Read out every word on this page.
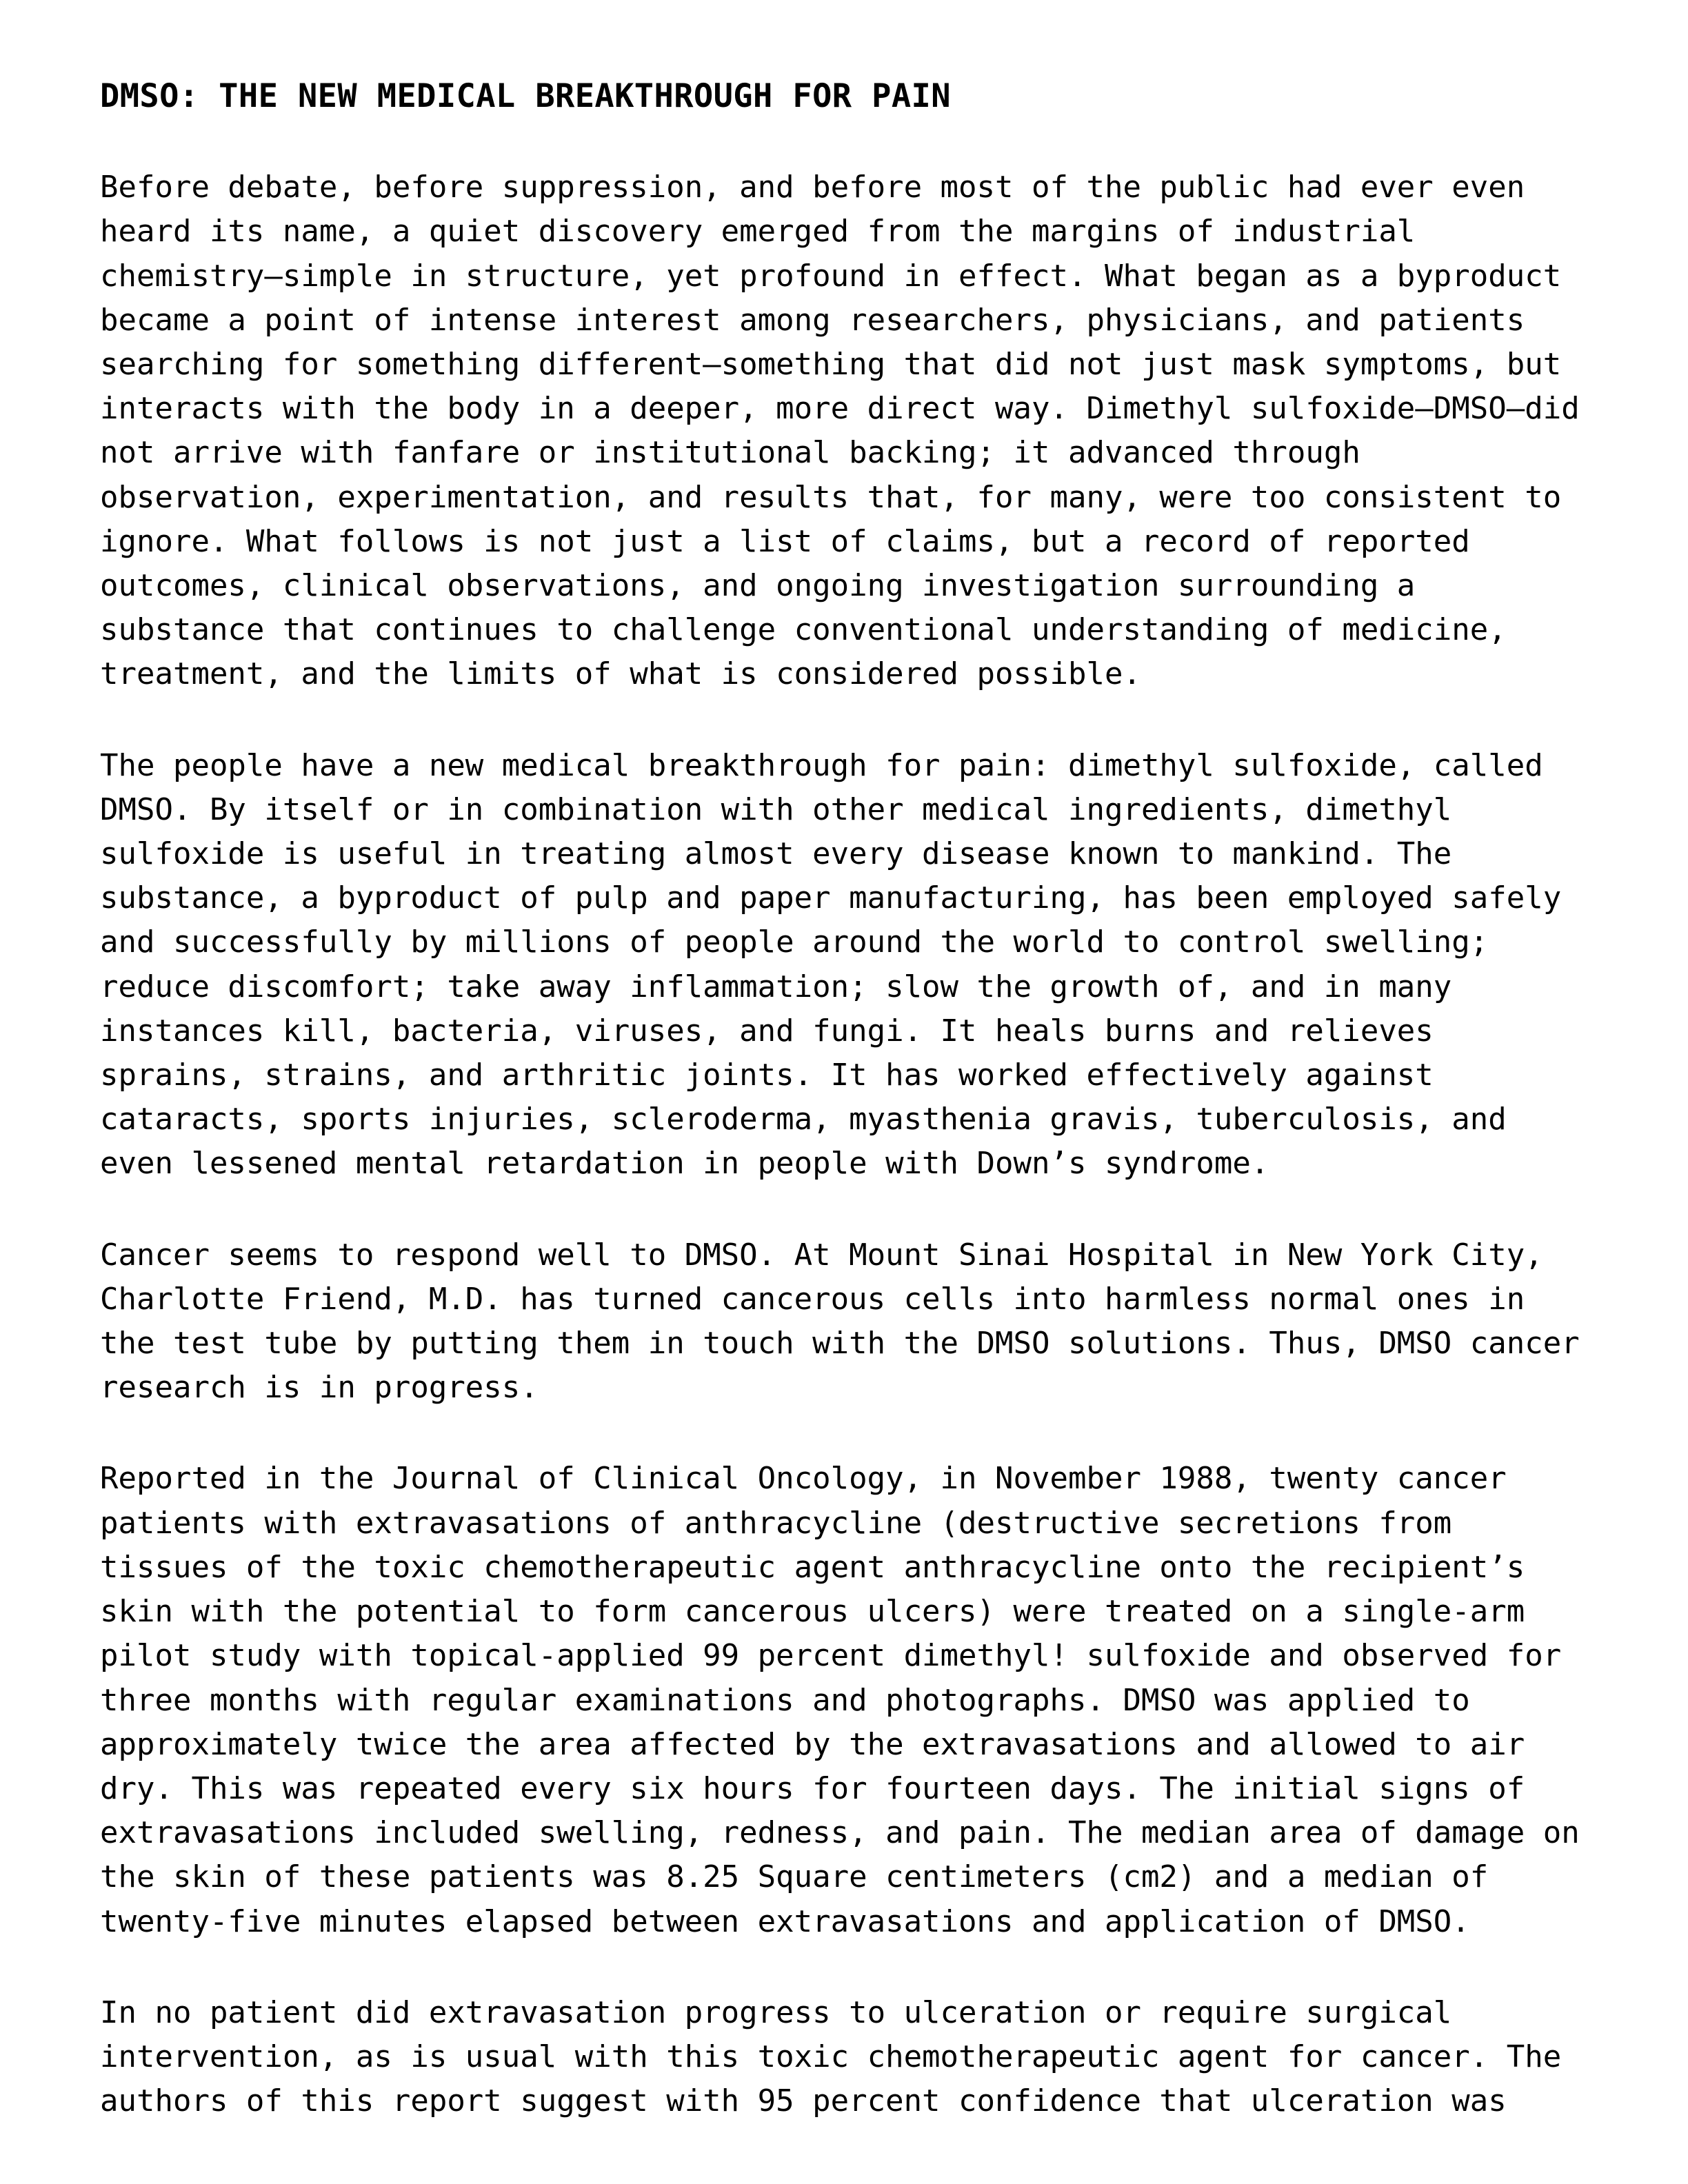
DMSO: THE NEW MEDICAL BREAKTHROUGH FOR PAIN
Before debate, before suppression, and before most of the public had ever even
heard its name, a quiet discovery emerged from the margins of industrial
chemistry—simple in structure, yet profound in effect. What began as a byproduct
became a point of intense interest among researchers, physicians, and patients
searching for something different—something that did not just mask symptoms, but
interacts with the body in a deeper, more direct way. Dimethyl sulfoxide—DMSO—did
not arrive with fanfare or institutional backing; it advanced through
observation, experimentation, and results that, for many, were too consistent to
ignore. What follows is not just a list of claims, but a record of reported
outcomes, clinical observations, and ongoing investigation surrounding a
substance that continues to challenge conventional understanding of medicine,
treatment, and the limits of what is considered possible.
The people have a new medical breakthrough for pain: dimethyl sulfoxide, called
DMSO. By itself or in combination with other medical ingredients, dimethyl
sulfoxide is useful in treating almost every disease known to mankind. The
substance, a byproduct of pulp and paper manufacturing, has been employed safely
and successfully by millions of people around the world to control swelling;
reduce discomfort; take away inflammation; slow the growth of, and in many
instances kill, bacteria, viruses, and fungi. It heals burns and relieves
sprains, strains, and arthritic joints. It has worked effectively against
cataracts, sports injuries, scleroderma, myasthenia gravis, tuberculosis, and
even lessened mental retardation in people with Down’s syndrome.
Cancer seems to respond well to DMSO. At Mount Sinai Hospital in New York City,
Charlotte Friend, M.D. has turned cancerous cells into harmless normal ones in
the test tube by putting them in touch with the DMSO solutions. Thus, DMSO cancer
research is in progress.
Reported in the Journal of Clinical Oncology, in November 1988, twenty cancer
patients with extravasations of anthracycline (destructive secretions from
tissues of the toxic chemotherapeutic agent anthracycline onto the recipient’s
skin with the potential to form cancerous ulcers) were treated on a single-arm
pilot study with topical-applied 99 percent dimethyl! sulfoxide and observed for
three months with regular examinations and photographs. DMSO was applied to
approximately twice the area affected by the extravasations and allowed to air
dry. This was repeated every six hours for fourteen days. The initial signs of
extravasations included swelling, redness, and pain. The median area of damage on
the skin of these patients was 8.25 Square centimeters (cm2) and a median of
twenty-five minutes elapsed between extravasations and application of DMSO.
In no patient did extravasation progress to ulceration or require surgical
intervention, as is usual with this toxic chemotherapeutic agent for cancer. The
authors of this report suggest with 95 percent confidence that ulceration was
